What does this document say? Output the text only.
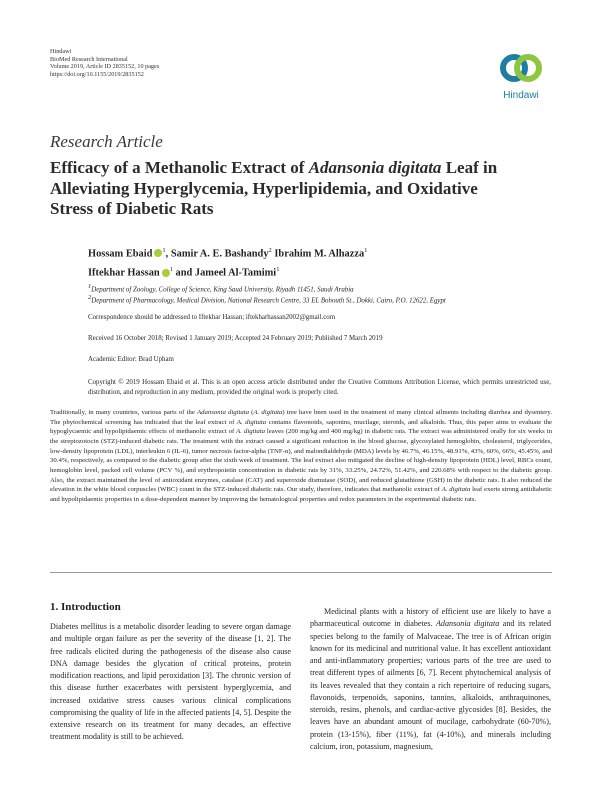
Hindawi
BioMed Research International
Volume 2019, Article ID 2835152, 10 pages
https://doi.org/10.1155/2019/2835152
Hindawi
Research Article
Efficacy of a Methanolic Extract of Adansonia digitata Leaf in Alleviating Hyperglycemia, Hyperlipidemia, and Oxidative Stress of Diabetic Rats
Hossam Ebaid $^1$, Samir A. E. Bashandy$^2$ Ibrahim M. Alhazza$^1$
Iftekhar Hassan $^1$ and Jameel Al-Tamimi$^1$
$^1$Department of Zoology, College of Science, King Saud University, Riyadh 11451, Saudi Arabia
$^2$Department of Pharmacology, Medical Division, National Research Centre, 33 EL Bohouth St., Dokki, Cairo, P.O. 12622, Egypt
Correspondence should be addressed to Iftekhar Hassan; iftekharhassan2002@gmail.com
Received 16 October 2018; Revised 1 January 2019; Accepted 24 February 2019; Published 7 March 2019
Academic Editor: Brad Upham
Copyright © 2019 Hossam Ebaid et al. This is an open access article distributed under the Creative Commons Attribution License, which permits unrestricted use, distribution, and reproduction in any medium, provided the original work is properly cited.
Traditionally, in many countries, various parts of the Adansonia digitata (A. digitata) tree have been used in the treatment of many clinical ailments including diarrhea and dysentery. The phytochemical screening has indicated that the leaf extract of A. digitata contains flavonoids, saponins, mucilage, steroids, and alkaloids. Thus, this paper aims to evaluate the hypoglycaemic and hypolipidaemic effects of methanolic extract of A. digitata leaves (200 mg/kg and 400 mg/kg) in diabetic rats. The extract was administered orally for six weeks in the streptozotocin (STZ)-induced diabetic rats. The treatment with the extract caused a significant reduction in the blood glucose, glycosylated hemoglobin, cholesterol, triglycerides, low-density lipoprotein (LDL), interleukin 6 (IL-6), tumor necrosis factor-alpha (TNF-α), and malondialdehyde (MDA) levels by 46.7%, 46.15%, 48.91%, 43%, 60%, 66%, 45.45%, and 30.4%, respectively, as compared to the diabetic group after the sixth week of treatment. The leaf extract also mitigated the decline of high-density lipoprotein (HDL) level, RBCs count, hemoglobin level, packed cell volume (PCV %), and erythropoietin concentration in diabetic rats by 31%, 33.25%, 24.72%, 51.42%, and 220.68% with respect to the diabetic group. Also, the extract maintained the level of antioxidant enzymes, catalase (CAT) and superoxide dismutase (SOD), and reduced glutathione (GSH) in the diabetic rats. It also reduced the elevation in the white blood corpuscles (WBC) count in the STZ-induced diabetic rats. Our study, therefore, indicates that methanolic extract of A. digitata leaf exerts strong antidiabetic and hypolipidaemic properties in a dose-dependent manner by improving the hematological properties and redox parameters in the experimental diabetic rats.
1. Introduction

Diabetes mellitus is a metabolic disorder leading to severe organ damage and multiple organ failure as per the severity of the disease [1, 2]. The free radicals elicited during the pathogenesis of the disease also cause DNA damage besides the glycation of critical proteins, protein modification reactions, and lipid peroxidation [3]. The chronic version of this disease further exacerbates with persistent hyperglycemia, and increased oxidative stress causes various clinical complications compromising the quality of life in the affected patients [4, 5]. Despite the extensive research on its treatment for many decades, an effective treatment modality is still to be achieved.

Medicinal plants with a history of efficient use are likely to have a pharmaceutical outcome in diabetes. Adansonia digitata and its related species belong to the family of Malvaceae. The tree is of African origin known for its medicinal and nutritional value. It has excellent antioxidant and anti-inflammatory properties; various parts of the tree are used to treat different types of ailments [6, 7]. Recent phytochemical analysis of its leaves revealed that they contain a rich repertoire of reducing sugars, flavonoids, terpenoids, saponins, tannins, alkaloids, anthraquinones, steroids, resins, phenols, and cardiac-active glycosides [8]. Besides, the leaves have an abundant amount of mucilage, carbohydrate (60-70%), protein (13-15%), fiber (11%), fat (4-10%), and minerals including calcium, iron, potassium, magnesium,
